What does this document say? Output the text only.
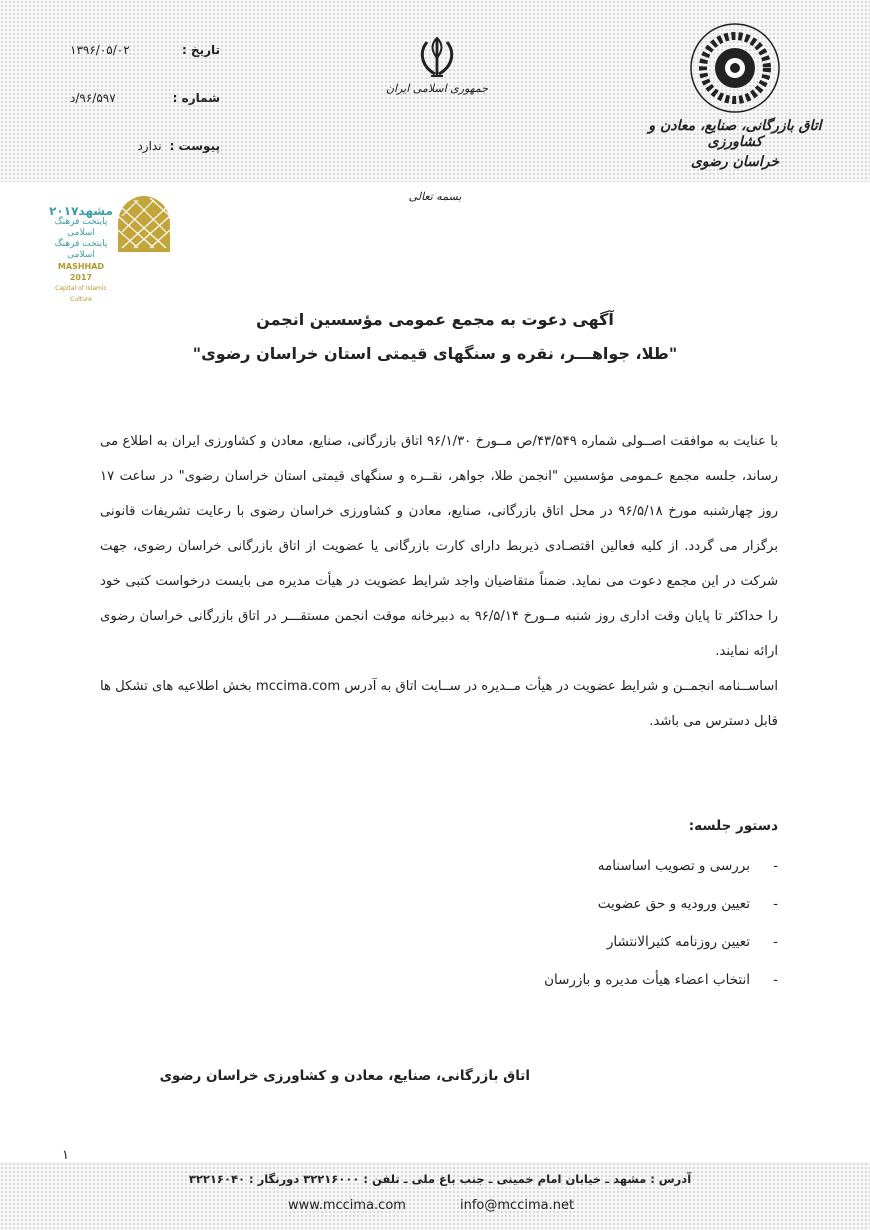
تاریخ :
۱۳۹۶/۰۵/۰۲
شماره :
۹۶/۵۹۷/د
پیوست :
ندارد
جمهوری اسلامی ایران
اتاق بازرگانی، صنایع، معادن و کشاورزی
خراسان رضوی
مشهد۲۰۱۷
پایتخت فرهنگ اسلامی
پایتخت فرهنگ اسلامی
MASHHAD 2017
Capital of Islamic Culture
بسمه تعالی
آگهی دعوت به مجمع عمومی مؤسسین انجمن
"طلا، جواهـــر، نقره و سنگهای قیمتی استان خراسان رضوی"

با عنایت به موافقت اصــولی شماره ۴۳/۵۴۹/ص مــورخ ۹۶/۱/۳۰ اتاق بازرگانی، صنایع، معادن و کشاورزی ایران به اطلاع می رساند، جلسه مجمع عـمومی مؤسسین "انجمن طلا، جواهر، نقــره و سنگهای قیمتی استان خراسان رضوی" در ساعت ۱۷ روز چهارشنبه مورخ ۹۶/۵/۱۸ در محل اتاق بازرگانی، صنایع، معادن و کشاورزی خراسان رضوی با رعایت تشریفات قانونی برگزار می گردد. از کلیه فعالین اقتصـادی ذیربط دارای کارت بازرگانی یا عضویت از اتاق بازرگانی خراسان رضوی، جهت شرکت در این مجمع دعوت می نماید. ضمناً متقاضیان واجد شرایط عضویت در هیأت مدیره می بایست درخواست کتبی خود را حداکثر تا پایان وقت اداری روز شنبه مــورخ ۹۶/۵/۱۴ به دبیرخانه موقت انجمن مستقـــر در اتاق بازرگانی خراسان رضوی ارائه نمایند.

اساســنامه انجمــن و شرایط عضویت در هیأت مــدیره در ســایت اتاق به آدرس mccima.com بخش اطلاعیه های تشکل ها قابل دسترس می باشد.

دستور جلسه:
-بررسی و تصویب اساسنامه
-تعیین ورودیه و حق عضویت
-تعیین روزنامه کثیرالانتشار
-انتخاب اعضاء هیأت مدیره و بازرسان
اتاق بازرگانی، صنایع، معادن و کشاورزی خراسان رضوی
۱
آدرس : مشهد ـ خیابان امام خمینی ـ جنب باغ ملی ـ تلفن : ۳۲۲۱۶۰۰۰ دورنگار : ۳۲۲۱۶۰۴۰
www.mccima.com	info@mccima.net
